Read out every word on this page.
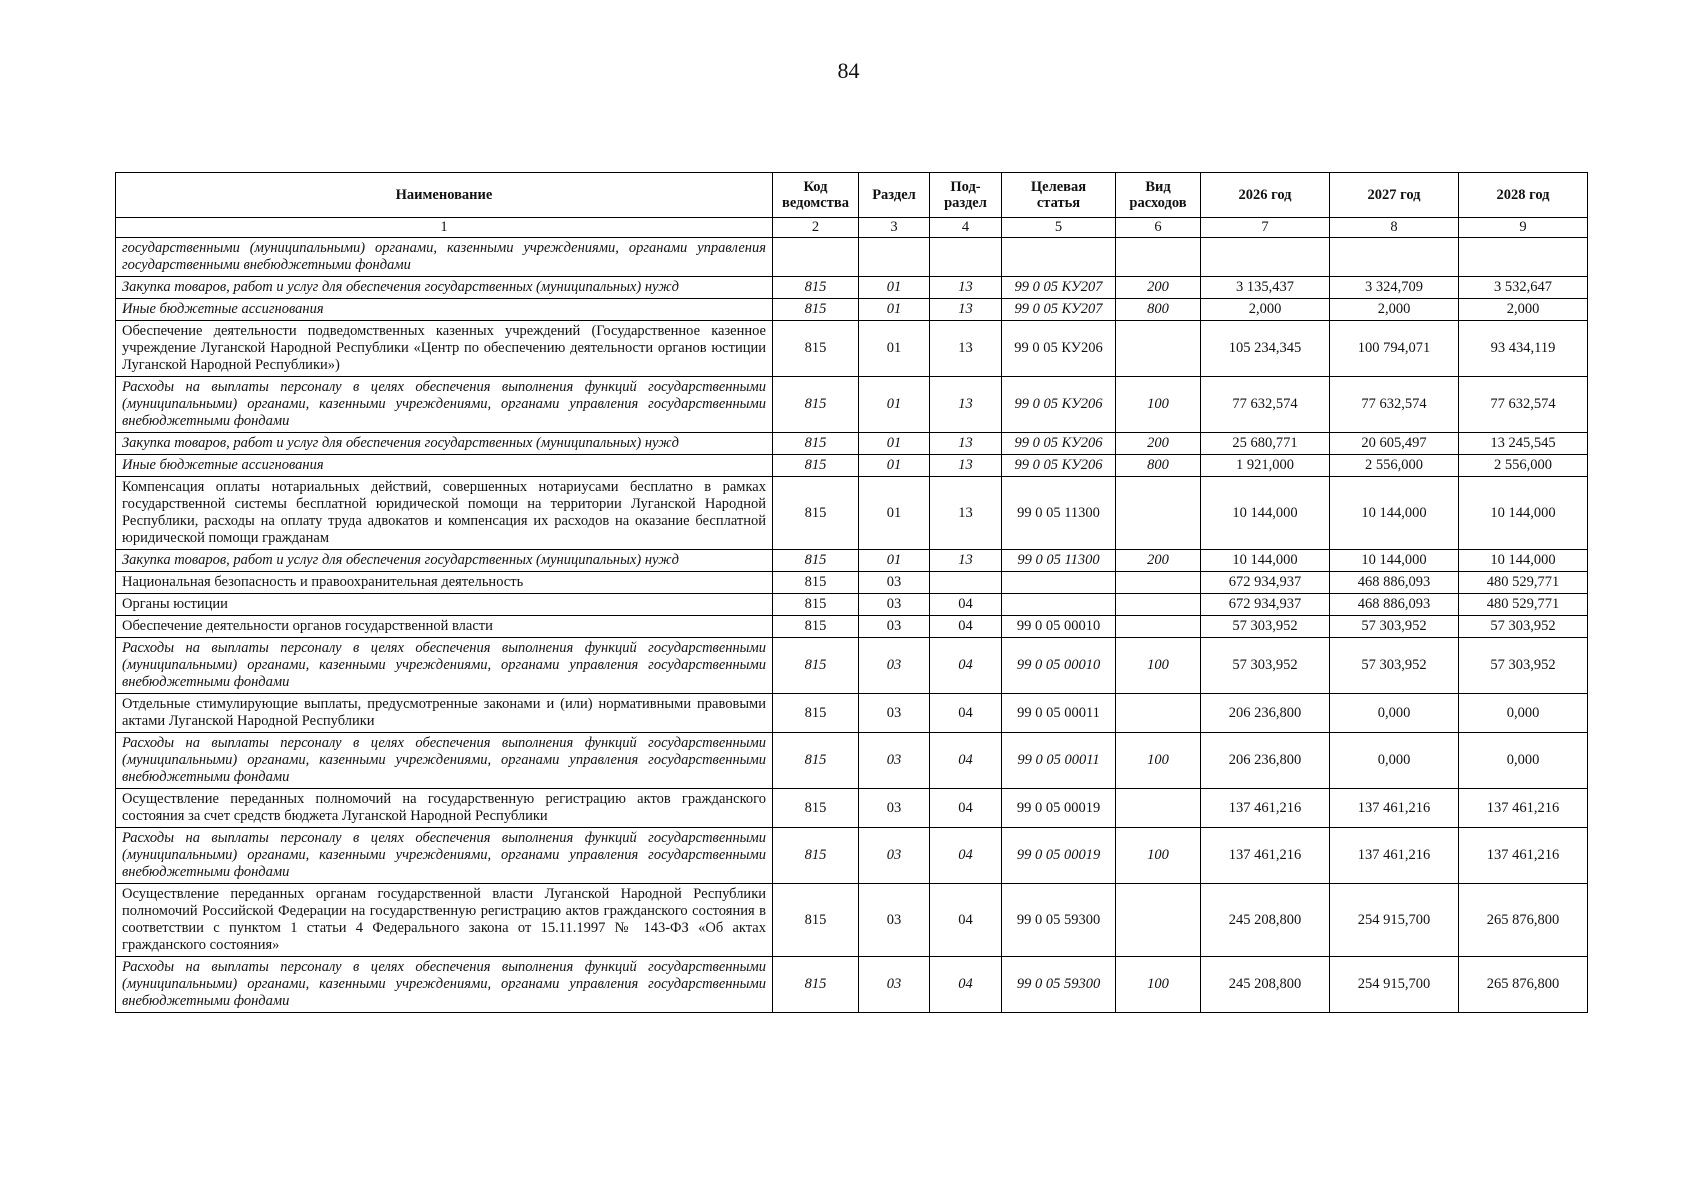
84
Наименование	Код ведомства	Раздел	Под-раздел	Целевая статья	Вид расходов	2026 год	2027 год	2028 год
1	2	3	4	5	6	7	8	9
государственными (муниципальными) органами, казенными учреждениями, органами управления государственными внебюджетными фондами								
Закупка товаров, работ и услуг для обеспечения государственных (муниципальных) нужд	815	01	13	99 0 05 КУ207	200	3 135,437	3 324,709	3 532,647
Иные бюджетные ассигнования	815	01	13	99 0 05 КУ207	800	2,000	2,000	2,000
Обеспечение деятельности подведомственных казенных учреждений (Государственное казенное учреждение Луганской Народной Республики «Центр по обеспечению деятельности органов юстиции Луганской Народной Республики»)	815	01	13	99 0 05 КУ206		105 234,345	100 794,071	93 434,119
Расходы на выплаты персоналу в целях обеспечения выполнения функций государственными (муниципальными) органами, казенными учреждениями, органами управления государственными внебюджетными фондами	815	01	13	99 0 05 КУ206	100	77 632,574	77 632,574	77 632,574
Закупка товаров, работ и услуг для обеспечения государственных (муниципальных) нужд	815	01	13	99 0 05 КУ206	200	25 680,771	20 605,497	13 245,545
Иные бюджетные ассигнования	815	01	13	99 0 05 КУ206	800	1 921,000	2 556,000	2 556,000
Компенсация оплаты нотариальных действий, совершенных нотариусами бесплатно в рамках государственной системы бесплатной юридической помощи на территории Луганской Народной Республики, расходы на оплату труда адвокатов и компенсация их расходов на оказание бесплатной юридической помощи гражданам	815	01	13	99 0 05 11300		10 144,000	10 144,000	10 144,000
Закупка товаров, работ и услуг для обеспечения государственных (муниципальных) нужд	815	01	13	99 0 05 11300	200	10 144,000	10 144,000	10 144,000
Национальная безопасность и правоохранительная деятельность	815	03				672 934,937	468 886,093	480 529,771
Органы юстиции	815	03	04			672 934,937	468 886,093	480 529,771
Обеспечение деятельности органов государственной власти	815	03	04	99 0 05 00010		57 303,952	57 303,952	57 303,952
Расходы на выплаты персоналу в целях обеспечения выполнения функций государственными (муниципальными) органами, казенными учреждениями, органами управления государственными внебюджетными фондами	815	03	04	99 0 05 00010	100	57 303,952	57 303,952	57 303,952
Отдельные стимулирующие выплаты, предусмотренные законами и (или) нормативными правовыми актами Луганской Народной Республики	815	03	04	99 0 05 00011		206 236,800	0,000	0,000
Расходы на выплаты персоналу в целях обеспечения выполнения функций государственными (муниципальными) органами, казенными учреждениями, органами управления государственными внебюджетными фондами	815	03	04	99 0 05 00011	100	206 236,800	0,000	0,000
Осуществление переданных полномочий на государственную регистрацию актов гражданского состояния за счет средств бюджета Луганской Народной Республики	815	03	04	99 0 05 00019		137 461,216	137 461,216	137 461,216
Расходы на выплаты персоналу в целях обеспечения выполнения функций государственными (муниципальными) органами, казенными учреждениями, органами управления государственными внебюджетными фондами	815	03	04	99 0 05 00019	100	137 461,216	137 461,216	137 461,216
Осуществление переданных органам государственной власти Луганской Народной Республики полномочий Российской Федерации на государственную регистрацию актов гражданского состояния в соответствии с пунктом 1 статьи 4 Федерального закона от 15.11.1997 № 143-ФЗ «Об актах гражданского состояния»	815	03	04	99 0 05 59300		245 208,800	254 915,700	265 876,800
Расходы на выплаты персоналу в целях обеспечения выполнения функций государственными (муниципальными) органами, казенными учреждениями, органами управления государственными внебюджетными фондами	815	03	04	99 0 05 59300	100	245 208,800	254 915,700	265 876,800
